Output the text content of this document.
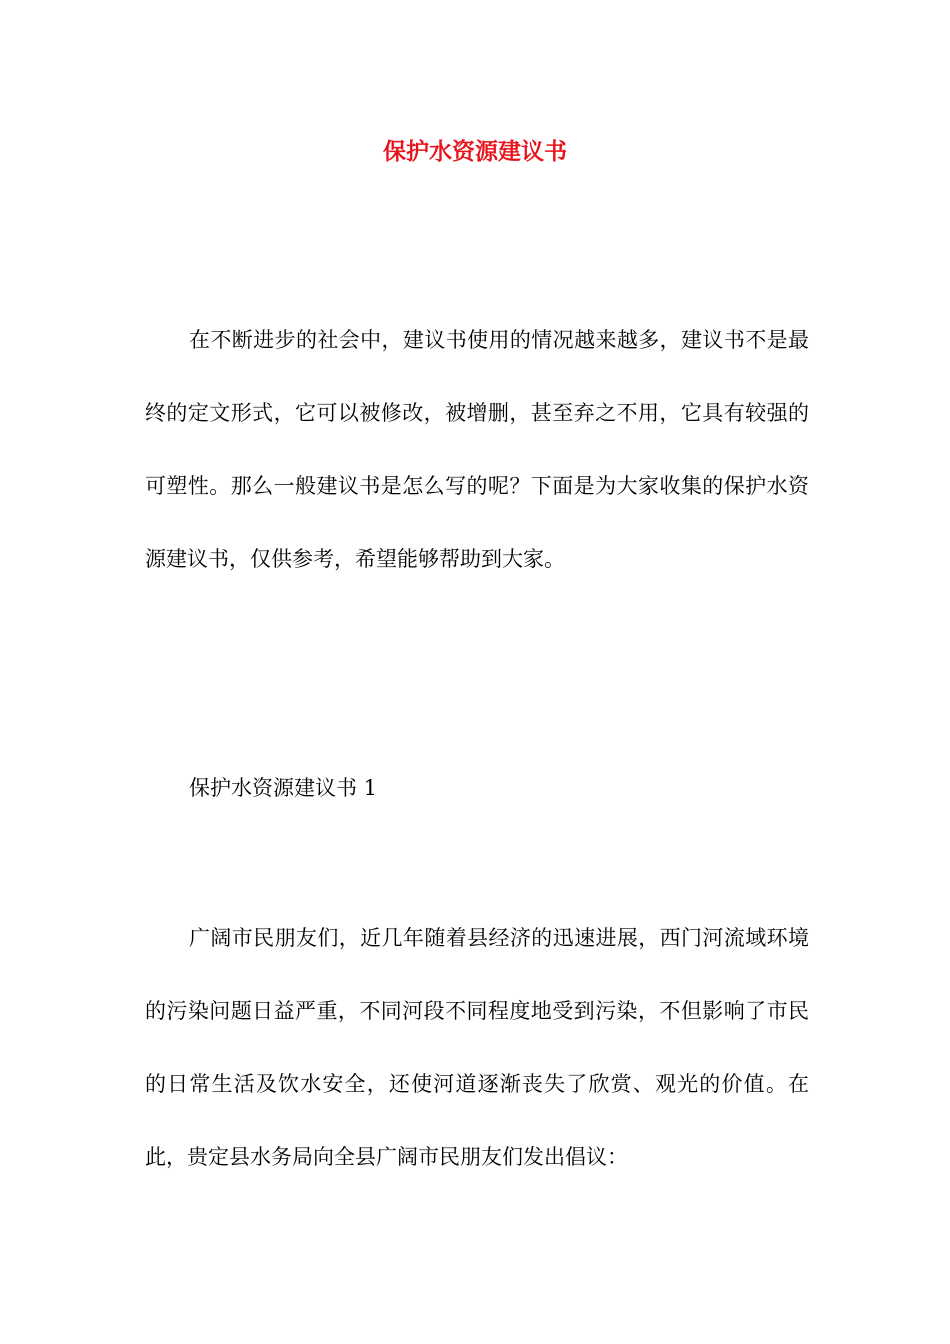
保护水资源建议书

在不断进步的社会中，建议书使用的情况越来越多，建议书不是最终的定文形式，它可以被修改，被增删，甚至弃之不用，它具有较强的可塑性。那么一般建议书是怎么写的呢？下面是为大家收集的保护水资源建议书，仅供参考，希望能够帮助到大家。

保护水资源建议书 1

广阔市民朋友们，近几年随着县经济的迅速进展，西门河流域环境的污染问题日益严重，不同河段不同程度地受到污染，不但影响了市民的日常生活及饮水安全，还使河道逐渐丧失了欣赏、观光的价值。在此，贵定县水务局向全县广阔市民朋友们发出倡议：
